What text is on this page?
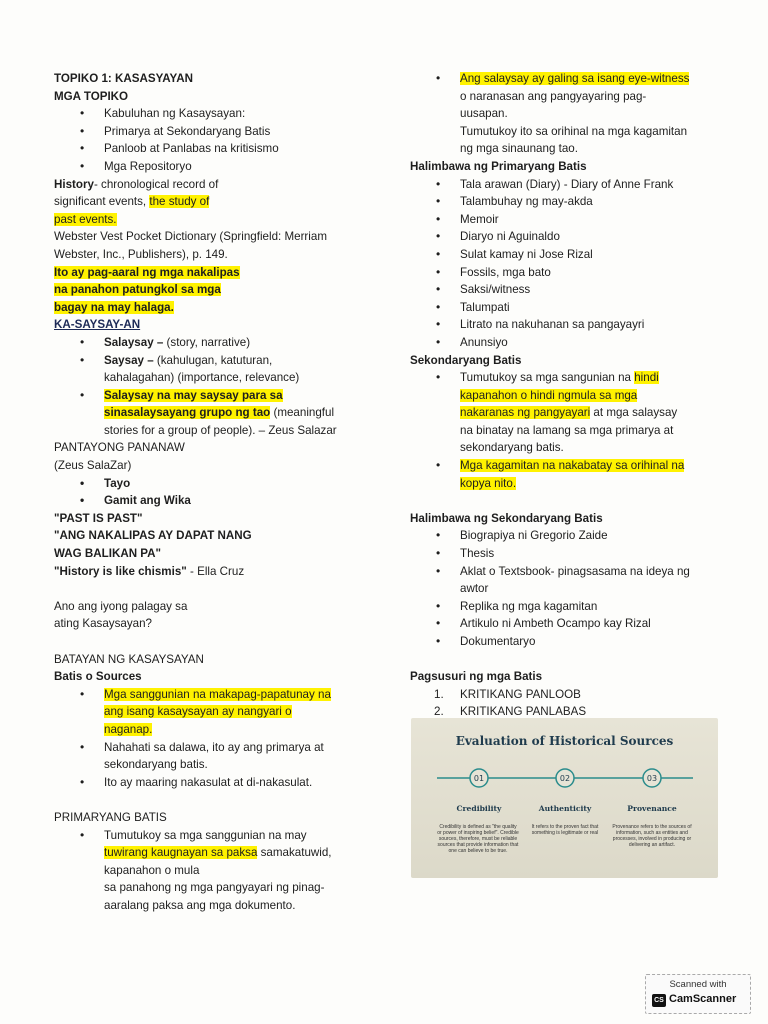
TOPIKO 1: KASASYAYAN
MGA TOPIKO
• Kabuluhan ng Kasaysayan:
• Primarya at Sekondaryang Batis
• Panloob at Panlabas na kritisismo
• Mga Repositoryo
History- chronological record of
significant events, the study of
past events.
Webster Vest Pocket Dictionary (Springfield: Merriam
Webster, Inc., Publishers), p. 149.
Ito ay pag-aaral ng mga nakalipas
na panahon patungkol sa mga
bagay na may halaga.
KA-SAYSAY-AN
• Salaysay – (story, narrative)
• Saysay – (kahulugan, katuturan,
kahalagahan) (importance, relevance)
• Salaysay na may saysay para sa
sinasalaysayang grupo ng tao (meaningful
stories for a group of people). – Zeus Salazar
PANTAYONG PANANAW
(Zeus SalaZar)
• Tayo
• Gamit ang Wika
"PAST IS PAST"
"ANG NAKALIPAS AY DAPAT NANG
WAG BALIKAN PA"
"History is like chismis" - Ella Cruz
Ano ang iyong palagay sa
ating Kasaysayan?
BATAYAN NG KASAYSAYAN
Batis o Sources
• Mga sanggunian na makapag-papatunay na
ang isang kasaysayan ay nangyari o
naganap.
• Nahahati sa dalawa, ito ay ang primarya at
sekondaryang batis.
• Ito ay maaring nakasulat at di-nakasulat.
PRIMARYANG BATIS
• Tumutukoy sa mga sanggunian na may
tuwirang kaugnayan sa paksa samakatuwid,
kapanahon o mula
sa panahong ng mga pangyayari ng pinag-
aaralang paksa ang mga dokumento.
• Ang salaysay ay galing sa isang eye-witness
o naranasan ang pangyayaring pag-
uusapan.
Tumutukoy ito sa orihinal na mga kagamitan
ng mga sinaunang tao.
Halimbawa ng Primaryang Batis
• Tala arawan (Diary) - Diary of Anne Frank
• Talambuhay ng may-akda
• Memoir
• Diaryo ni Aguinaldo
• Sulat kamay ni Jose Rizal
• Fossils, mga bato
• Saksi/witness
• Talumpati
• Litrato na nakuhanan sa pangayayri
• Anunsiyo
Sekondaryang Batis
• Tumutukoy sa mga sangunian na hindi
kapanahon o hindi ngmula sa mga
nakaranas ng pangyayari at mga salaysay
na binatay na lamang sa mga primarya at
sekondaryang batis.
• Mga kagamitan na nakabatay sa orihinal na
kopya nito.
Halimbawa ng Sekondaryang Batis
• Biograpiya ni Gregorio Zaide
• Thesis
• Aklat o Textsbook- pinagsasama na ideya ng
awtor
• Replika ng mga kagamitan
• Artikulo ni Ambeth Ocampo kay Rizal
• Dokumentaryo
Pagsusuri ng mga Batis
1. KRITIKANG PANLOOB
2. KRITIKANG PANLABAS
Evaluation of Historical Sources
01	02	03
Credibility	Authenticity	Provenance
Credibility is defined as "the quality or power of inspiring belief". Credible sources, therefore, must be reliable sources that provide information that one can believe to be true.
It refers to the proven fact that something is legitimate or real
Provenance refers to the sources of information, such as entities and processes, involved in producing or delivering an artifact.
Scanned with
CS CamScanner
